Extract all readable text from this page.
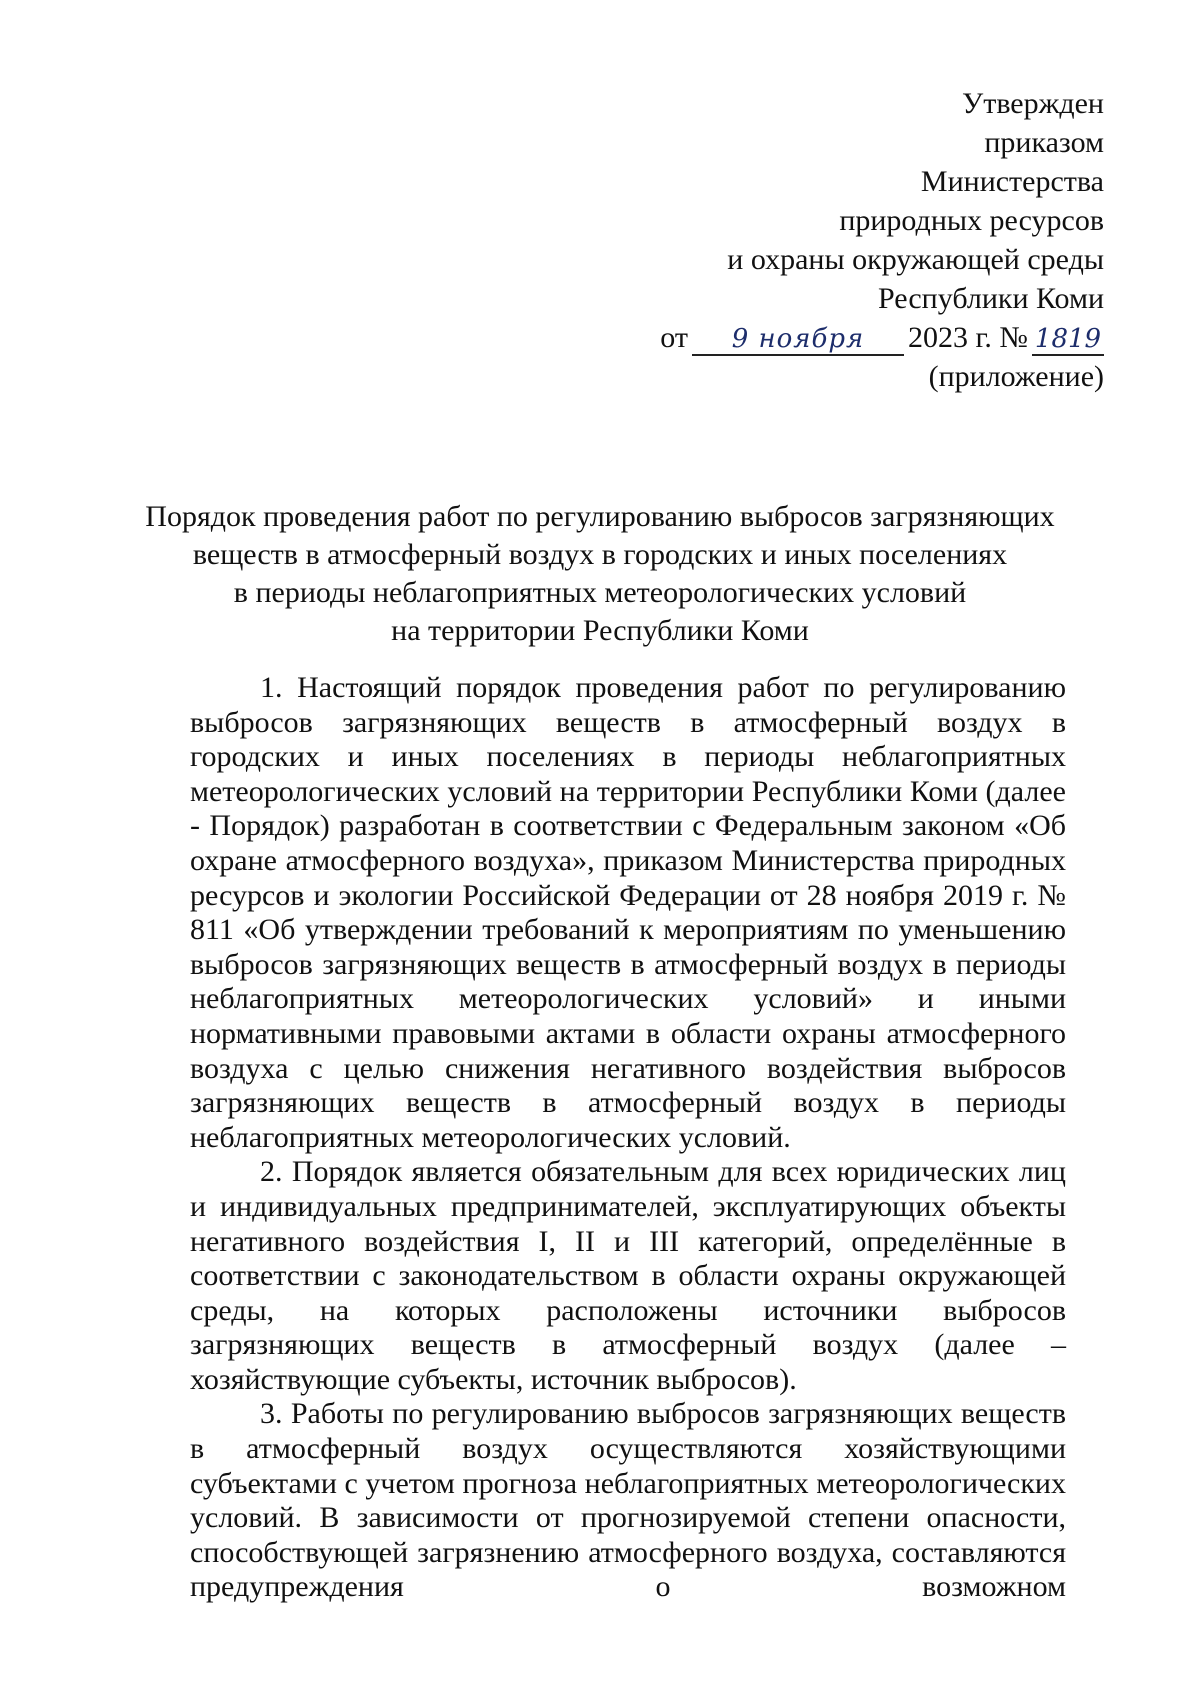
Утвержден
приказом
Министерства
природных ресурсов
и охраны окружающей среды
Республики Коми
от	9 ноября	2023 г. № 1819
(приложение)
Порядок проведения работ по регулированию выбросов загрязняющих
веществ в атмосферный воздух в городских и иных поселениях
в периоды неблагоприятных метеорологических условий
на территории Республики Коми

1. Настоящий порядок проведения работ по регулированию выбросов загрязняющих веществ в атмосферный воздух в городских и иных поселениях в периоды неблагоприятных метеорологических условий на территории Республики Коми (далее - Порядок) разработан в соответствии с Федеральным законом «Об охране атмосферного воздуха», приказом Министерства природных ресурсов и экологии Российской Федерации от 28 ноября 2019 г. № 811 «Об утверждении требований к мероприятиям по уменьшению выбросов загрязняющих веществ в атмосферный воздух в периоды неблагоприятных метеорологических условий» и иными нормативными правовыми актами в области охраны атмосферного воздуха с целью снижения негативного воздействия выбросов загрязняющих веществ в атмосферный воздух в периоды неблагоприятных метеорологических условий.

2. Порядок является обязательным для всех юридических лиц и индивидуальных предпринимателей, эксплуатирующих объекты негативного воздействия I, II и III категорий, определённые в соответствии с законодательством в области охраны окружающей среды, на которых расположены источники выбросов загрязняющих веществ в атмосферный воздух (далее – хозяйствующие субъекты, источник выбросов).

3. Работы по регулированию выбросов загрязняющих веществ в атмосферный воздух осуществляются хозяйствующими субъектами с учетом прогноза неблагоприятных метеорологических условий. В зависимости от прогнозируемой степени опасности, способствующей загрязнению атмосферного воздуха, составляются предупреждения о возможном
